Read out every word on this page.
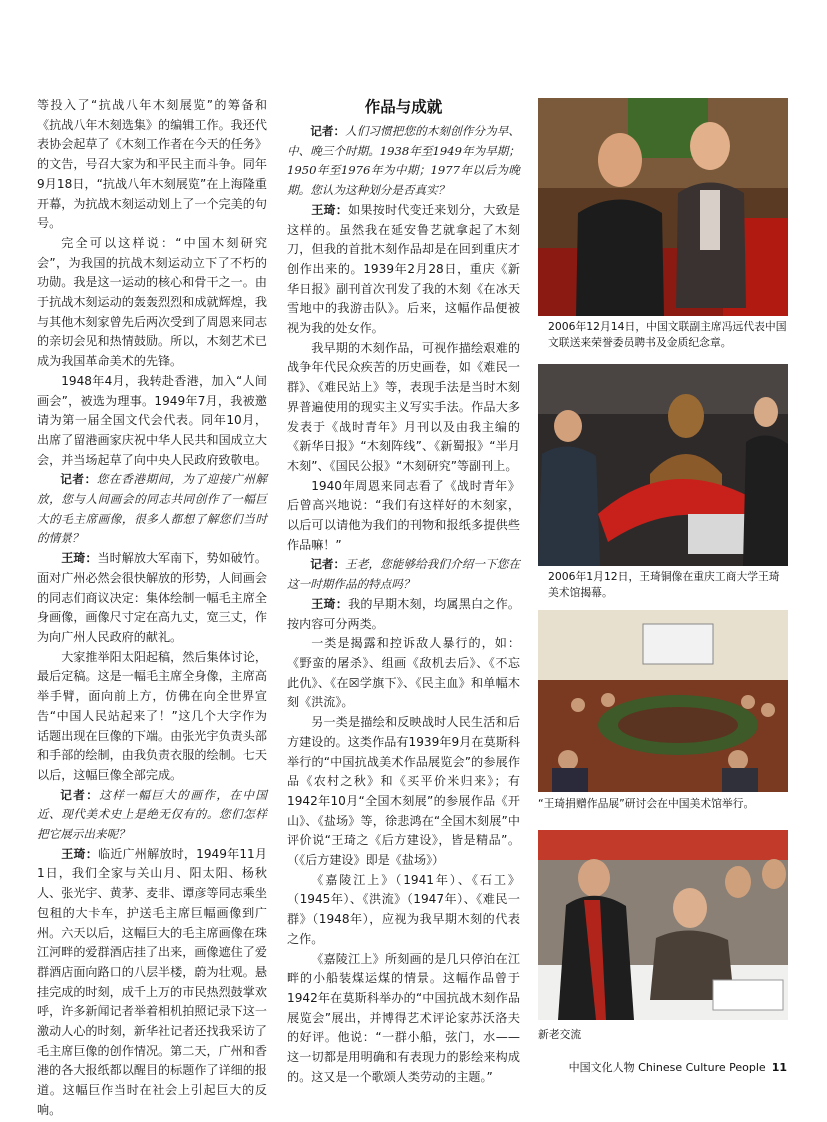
等投入了“抗战八年木刻展览”的筹备和《抗战八年木刻选集》的编辑工作。我还代表协会起草了《木刻工作者在今天的任务》的文告，号召大家为和平民主而斗争。同年9月18日，“抗战八年木刻展览”在上海隆重开幕，为抗战木刻运动划上了一个完美的句号。

完全可以这样说：“中国木刻研究会”，为我国的抗战木刻运动立下了不朽的功勋。我是这一运动的核心和骨干之一。由于抗战木刻运动的轰轰烈烈和成就辉煌，我与其他木刻家曾先后两次受到了周恩来同志的亲切会见和热情鼓励。所以，木刻艺术已成为我国革命美术的先锋。

1948年4月，我转赴香港，加入“人间画会”，被选为理事。1949年7月，我被邀请为第一届全国文代会代表。同年10月，出席了留港画家庆祝中华人民共和国成立大会，并当场起草了向中央人民政府致敬电。

记者：您在香港期间，为了迎接广州解放，您与人间画会的同志共同创作了一幅巨大的毛主席画像，很多人都想了解您们当时的情景？

王琦：当时解放大军南下，势如破竹。面对广州必然会很快解放的形势，人间画会的同志们商议决定：集体绘制一幅毛主席全身画像，画像尺寸定在高九丈，宽三丈，作为向广州人民政府的献礼。

大家推举阳太阳起稿，然后集体讨论，最后定稿。这是一幅毛主席全身像，主席高举手臂，面向前上方，仿佛在向全世界宣告“中国人民站起来了！”这几个大字作为话题出现在巨像的下端。由张光宇负责头部和手部的绘制，由我负责衣服的绘制。七天以后，这幅巨像全部完成。

记者：这样一幅巨大的画作，在中国近、现代美术史上是绝无仅有的。您们怎样把它展示出来呢？

王琦：临近广州解放时，1949年11月1日，我们全家与关山月、阳太阳、杨秋人、张光宇、黄茅、麦非、谭彦等同志乘坐包租的大卡车，护送毛主席巨幅画像到广州。六天以后，这幅巨大的毛主席画像在珠江河畔的爱群酒店挂了出来，画像遮住了爱群酒店面向路口的八层半楼，蔚为壮观。悬挂完成的时刻，成千上万的市民热烈鼓掌欢呼，许多新闻记者举着相机拍照记录下这一激动人心的时刻，新华社记者还找我采访了毛主席巨像的创作情况。第二天，广州和香港的各大报纸都以醒目的标题作了详细的报道。这幅巨作当时在社会上引起巨大的反响。

作品与成就

记者：人们习惯把您的木刻创作分为早、中、晚三个时期。1938年至1949年为早期；1950年至1976年为中期；1977年以后为晚期。您认为这种划分是否真实？

王琦：如果按时代变迁来划分，大致是这样的。虽然我在延安鲁艺就拿起了木刻刀，但我的首批木刻作品却是在回到重庆才创作出来的。1939年2月28日，重庆《新华日报》副刊首次刊发了我的木刻《在冰天雪地中的我游击队》。后来，这幅作品便被视为我的处女作。

我早期的木刻作品，可视作描绘艰难的战争年代民众疾苦的历史画卷，如《难民一群》、《难民站上》等，表现手法是当时木刻界普遍使用的现实主义写实手法。作品大多发表于《战时青年》月刊以及由我主编的《新华日报》“木刻阵线”、《新蜀报》“半月木刻”、《国民公报》“木刻研究”等副刊上。

1940年周恩来同志看了《战时青年》后曾高兴地说：“我们有这样好的木刻家，以后可以请他为我们的刊物和报纸多提供些作品嘛！”

记者：王老，您能够给我们介绍一下您在这一时期作品的特点吗？

王琦：我的早期木刻，均属黑白之作。按内容可分两类。

一类是揭露和控诉敌人暴行的，如：《野蛮的屠杀》、组画《敌机去后》、《不忘此仇》、《在☒学旗下》、《民主血》和单幅木刻《洪流》。

另一类是描绘和反映战时人民生活和后方建设的。这类作品有1939年9月在莫斯科举行的“中国抗战美术作品展览会”的参展作品《农村之秋》和《买平价米归来》；有1942年10月“全国木刻展”的参展作品《开山》、《盐场》等，徐悲鸿在“全国木刻展”中评价说“王琦之《后方建设》，皆是精品”。（《后方建设》即是《盐场》）

《嘉陵江上》（1941年）、《石工》（1945年）、《洪流》（1947年）、《难民一群》（1948年），应视为我早期木刻的代表之作。

《嘉陵江上》所刻画的是几只停泊在江畔的小船装煤运煤的情景。这幅作品曾于1942年在莫斯科举办的“中国抗战木刻作品展览会”展出，并博得艺术评论家苏沃洛夫的好评。他说：“一群小船，弦门，水——这一切都是用明确和有表现力的影绘来构成的。这又是一个歌颂人类劳动的主题。”

2006年12月14日，中国文联副主席冯远代表中国文联送来荣誉委员聘书及金质纪念章。
2006年1月12日，王琦铜像在重庆工商大学王琦美术馆揭幕。
“王琦捐赠作品展”研讨会在中国美术馆举行。
新老交流
中国文化人物 Chinese Culture People 11
